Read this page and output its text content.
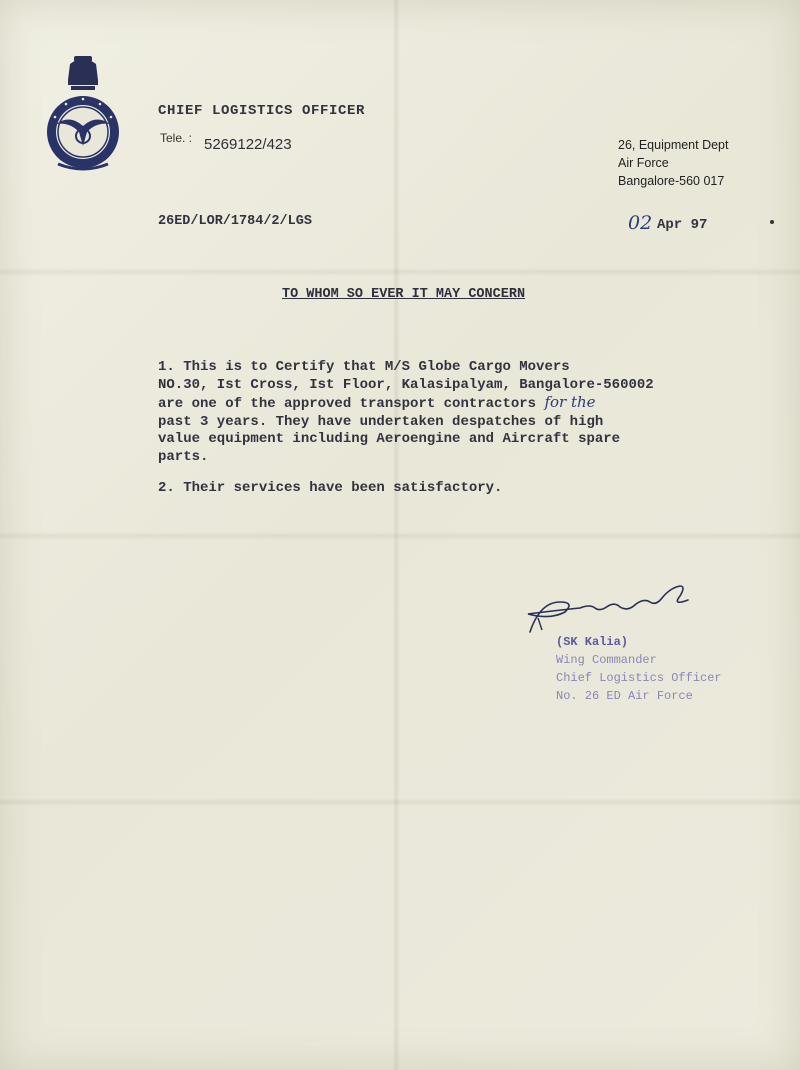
CHIEF LOGISTICS OFFICER
Tele. : 5269122/423	26, Equipment Dept
Air Force
Bangalore-560 017
26ED/LOR/1784/2/LGS	02 Apr 97
TO WHOM SO EVER IT MAY CONCERN
1. This is to Certify that M/S Globe Cargo Movers
NO.30, Ist Cross, Ist Floor, Kalasipalyam, Bangalore-560002
are one of the approved transport contractors for the
past 3 years. They have undertaken despatches of high
value equipment including Aeroengine and Aircraft spare
parts.
2. Their services have been satisfactory.
(SK Kalia)
Wing Commander
Chief Logistics Officer
No. 26 ED Air Force
